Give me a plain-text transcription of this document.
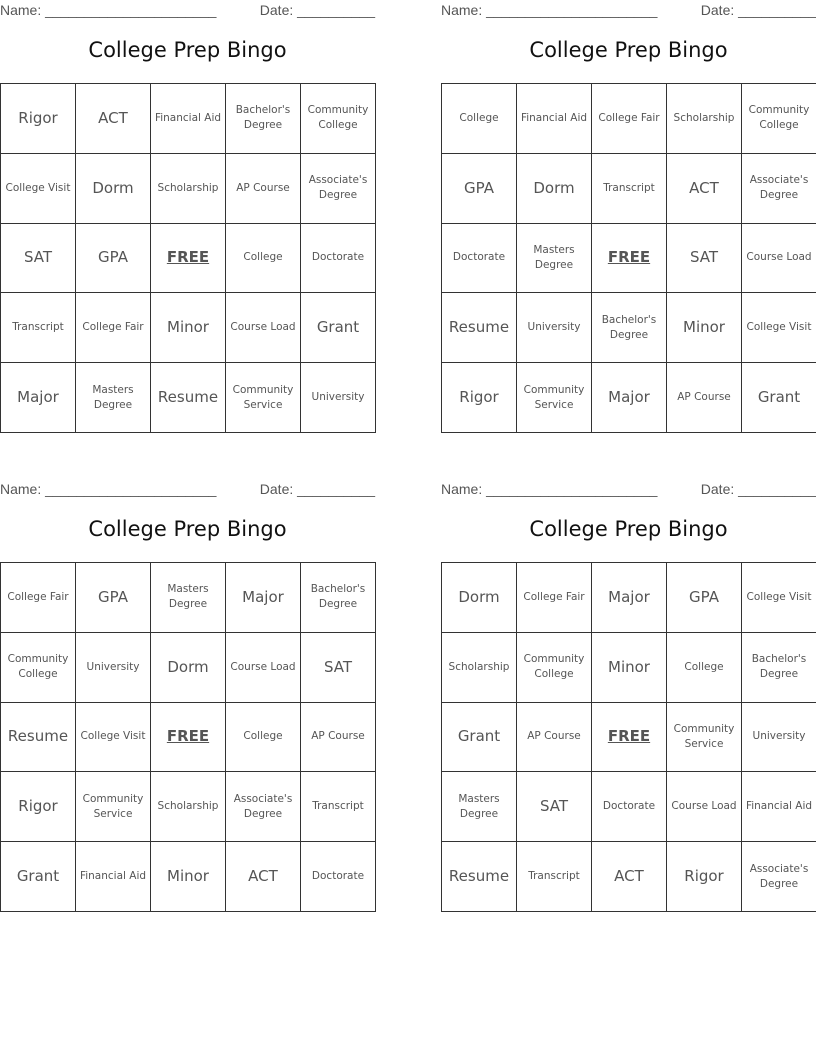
Name: ______________________	Date: __________
College Prep Bingo
Rigor	ACT	Financial Aid	Bachelor's Degree	Community College
College Visit	Dorm	Scholarship	AP Course	Associate's Degree
SAT	GPA	FREE	College	Doctorate
Transcript	College Fair	Minor	Course Load	Grant
Major	Masters Degree	Resume	Community Service	University
Name: ______________________	Date: __________
College Prep Bingo
College	Financial Aid	College Fair	Scholarship	Community College
GPA	Dorm	Transcript	ACT	Associate's Degree
Doctorate	Masters Degree	FREE	SAT	Course Load
Resume	University	Bachelor's Degree	Minor	College Visit
Rigor	Community Service	Major	AP Course	Grant
Name: ______________________	Date: __________
College Prep Bingo
College Fair	GPA	Masters Degree	Major	Bachelor's Degree
Community College	University	Dorm	Course Load	SAT
Resume	College Visit	FREE	College	AP Course
Rigor	Community Service	Scholarship	Associate's Degree	Transcript
Grant	Financial Aid	Minor	ACT	Doctorate
Name: ______________________	Date: __________
College Prep Bingo
Dorm	College Fair	Major	GPA	College Visit
Scholarship	Community College	Minor	College	Bachelor's Degree
Grant	AP Course	FREE	Community Service	University
Masters Degree	SAT	Doctorate	Course Load	Financial Aid
Resume	Transcript	ACT	Rigor	Associate's Degree
